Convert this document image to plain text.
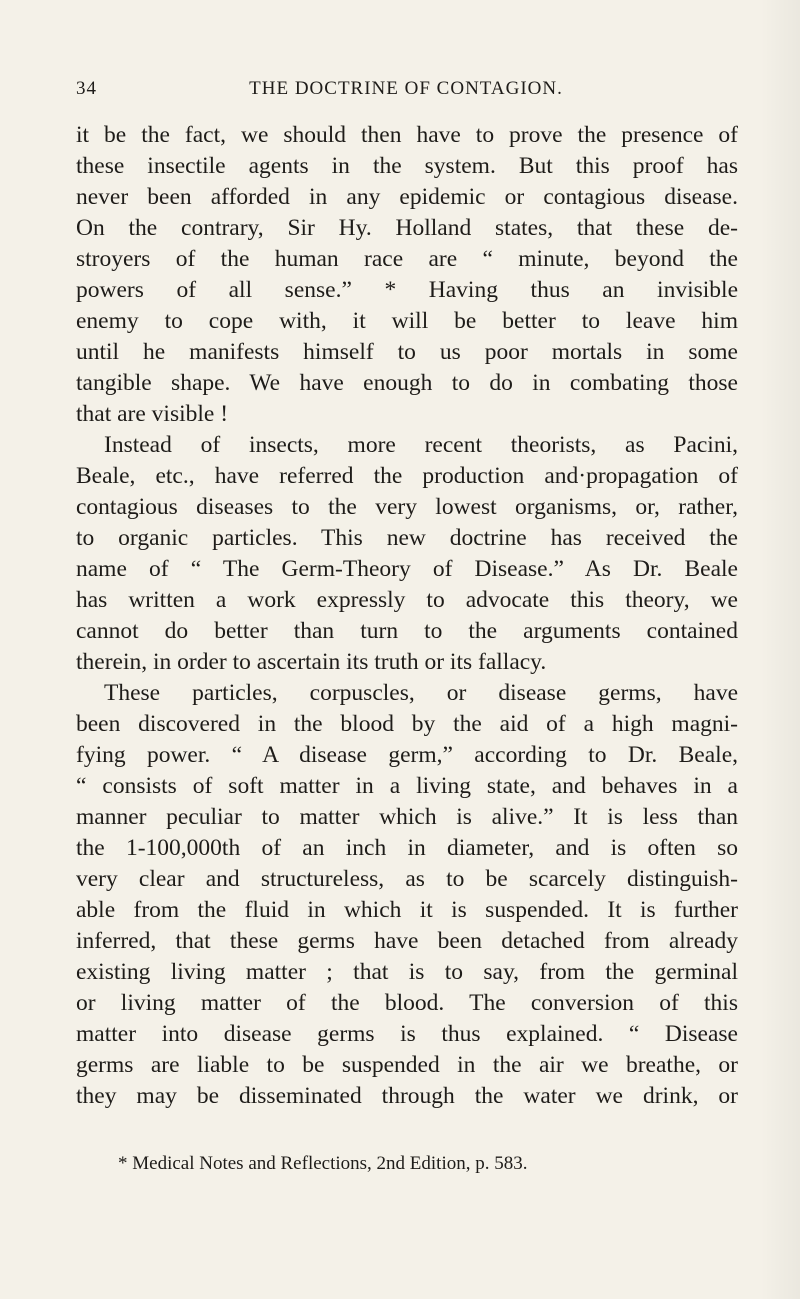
34	THE DOCTRINE OF CONTAGION.
it be the fact, we should then have to prove the presence of
these insectile agents in the system. But this proof has
never been afforded in any epidemic or contagious disease.
On the contrary, Sir Hy. Holland states, that these de-
stroyers of the human race are “ minute, beyond the
powers of all sense.” * Having thus an invisible
enemy to cope with, it will be better to leave him
until he manifests himself to us poor mortals in some
tangible shape. We have enough to do in combating those
that are visible !
Instead of insects, more recent theorists, as Pacini,
Beale, etc., have referred the production and·propagation of
contagious diseases to the very lowest organisms, or, rather,
to organic particles. This new doctrine has received the
name of “ The Germ-Theory of Disease.” As Dr. Beale
has written a work expressly to advocate this theory, we
cannot do better than turn to the arguments contained
therein, in order to ascertain its truth or its fallacy.
These particles, corpuscles, or disease germs, have
been discovered in the blood by the aid of a high magni-
fying power. “ A disease germ,” according to Dr. Beale,
“ consists of soft matter in a living state, and behaves in a
manner peculiar to matter which is alive.” It is less than
the 1-100,000th of an inch in diameter, and is often so
very clear and structureless, as to be scarcely distinguish-
able from the fluid in which it is suspended. It is further
inferred, that these germs have been detached from already
existing living matter ; that is to say, from the germinal
or living matter of the blood. The conversion of this
matter into disease germs is thus explained. “ Disease
germs are liable to be suspended in the air we breathe, or
they may be disseminated through the water we drink, or
* Medical Notes and Reflections, 2nd Edition, p. 583.
